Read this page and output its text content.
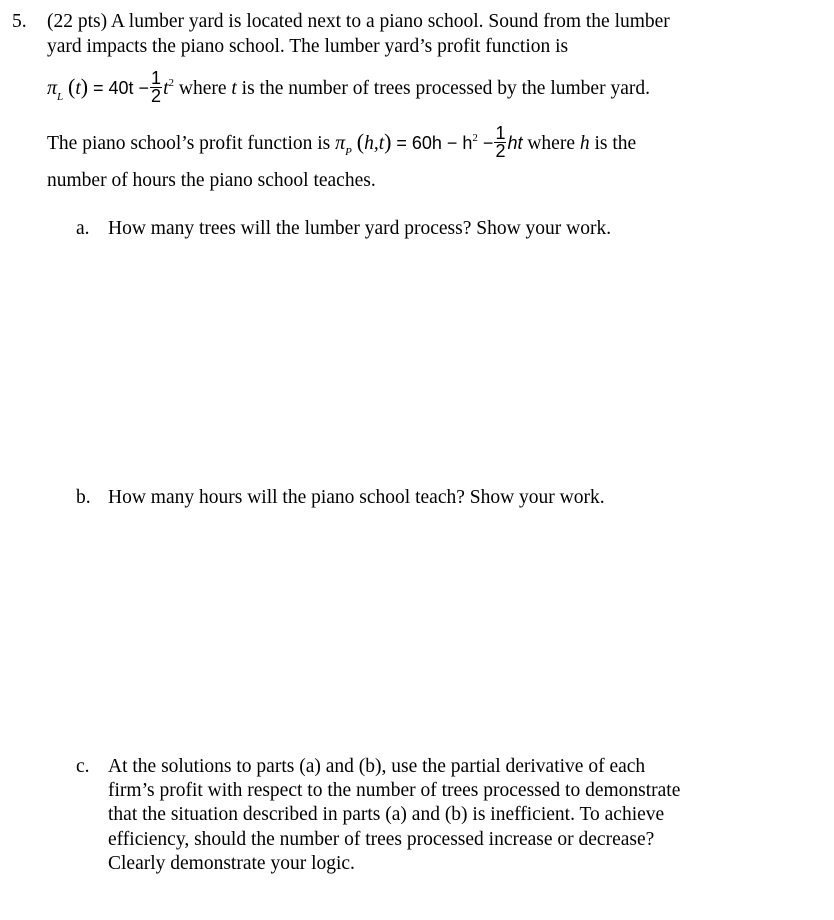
5. (22 pts) A lumber yard is located next to a piano school. Sound from the lumber
yard impacts the piano school. The lumber yard’s profit function is
$\pi_L$ $(t) = 40t - \frac{1}{2} t^2$ where t is the number of trees processed by the lumber yard.
The piano school’s profit function is $\pi_P$ $(h,t) = 60h - h^2 - \frac{1}{2}$ ht where h is the
number of hours the piano school teaches.
a. How many trees will the lumber yard process? Show your work.
b. How many hours will the piano school teach? Show your work.
c. At the solutions to parts (a) and (b), use the partial derivative of each
firm’s profit with respect to the number of trees processed to demonstrate
that the situation described in parts (a) and (b) is inefficient. To achieve
efficiency, should the number of trees processed increase or decrease?
Clearly demonstrate your logic.
